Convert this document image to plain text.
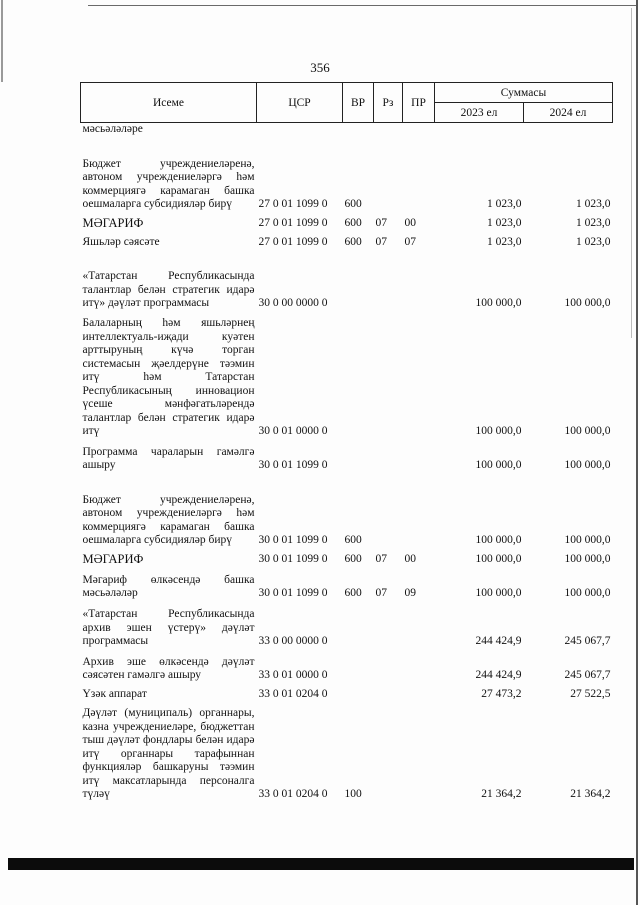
356
Исеме	ЦСР	ВР	Рз	ПР	Суммасы	
					2023 ел	2024 ел
мәсьәләләре						
Бюджет учреждениеләренә, автоном учреждениеләргә һәм коммерциягә карамаган башка оешмаларга субсидияләр бирү	27 0 01 1099 0	600			1 023,0	1 023,0
МӘГАРИФ	27 0 01 1099 0	600	07	00	1 023,0	1 023,0
Яшьләр сәясәте	27 0 01 1099 0	600	07	07	1 023,0	1 023,0
«Татарстан Республикасында талантлар белән стратегик идарә итү» дәүләт программасы	30 0 00 0000 0				100 000,0	100 000,0
Балаларның һәм яшьләрнең интеллектуаль-иҗади куәтен арттыруның күчә торган системасын җәелдерүне тәэмин итү һәм Татарстан Республикасының инновацион үсеше мәнфәгатьләрендә талантлар белән стратегик идарә итү	30 0 01 0000 0				100 000,0	100 000,0
Программа чараларын гамәлгә ашыру	30 0 01 1099 0				100 000,0	100 000,0
Бюджет учреждениеләренә, автоном учреждениеләргә һәм коммерциягә карамаган башка оешмаларга субсидияләр бирү	30 0 01 1099 0	600			100 000,0	100 000,0
МӘГАРИФ	30 0 01 1099 0	600	07	00	100 000,0	100 000,0
Мәгариф өлкәсендә башка мәсьәләләр	30 0 01 1099 0	600	07	09	100 000,0	100 000,0
«Татарстан Республикасында архив эшен үстерү» дәүләт программасы	33 0 00 0000 0				244 424,9	245 067,7
Архив эше өлкәсендә дәүләт сәясәтен гамәлгә ашыру	33 0 01 0000 0				244 424,9	245 067,7
Үзәк аппарат	33 0 01 0204 0				27 473,2	27 522,5
Дәүләт (муниципаль) органнары, казна учреждениеләре, бюджеттан тыш дәүләт фондлары белән идарә итү органнары тарафыннан функцияләр башкаруны тәэмин итү максатларында персоналга түләү	33 0 01 0204 0	100			21 364,2	21 364,2
